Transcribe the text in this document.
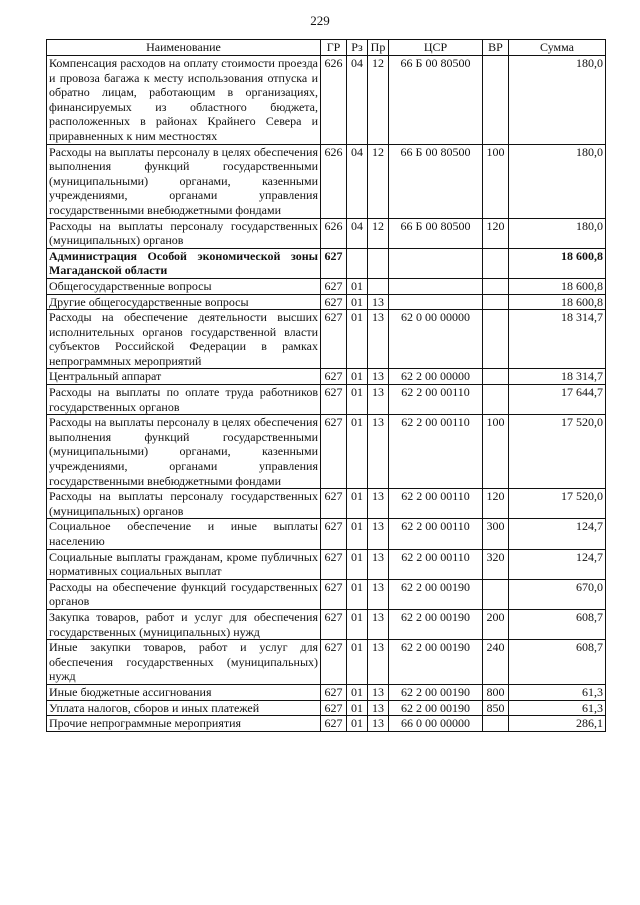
229
Наименование	ГР	Рз	Пр	ЦСР	ВР	Сумма
Компенсация расходов на оплату стоимости проезда и провоза багажа к месту использования отпуска и обратно лицам, работающим в организациях, финансируемых из областного бюджета, расположенных в районах Крайнего Севера и приравненных к ним местностях	626	04	12	66 Б 00 80500		180,0
Расходы на выплаты персоналу в целях обеспечения выполнения функций государственными (муниципальными) органами, казенными учреждениями, органами управления государственными внебюджетными фондами	626	04	12	66 Б 00 80500	100	180,0
Расходы на выплаты персоналу государственных (муниципальных) органов	626	04	12	66 Б 00 80500	120	180,0
Администрация Особой экономической зоны Магаданской области	627					18 600,8
Общегосударственные вопросы	627	01				18 600,8
Другие общегосударственные вопросы	627	01	13			18 600,8
Расходы на обеспечение деятельности высших исполнительных органов государственной власти субъектов Российской Федерации в рамках непрограммных мероприятий	627	01	13	62 0 00 00000		18 314,7
Центральный аппарат	627	01	13	62 2 00 00000		18 314,7
Расходы на выплаты по оплате труда работников государственных органов	627	01	13	62 2 00 00110		17 644,7
Расходы на выплаты персоналу в целях обеспечения выполнения функций государственными (муниципальными) органами, казенными учреждениями, органами управления государственными внебюджетными фондами	627	01	13	62 2 00 00110	100	17 520,0
Расходы на выплаты персоналу государственных (муниципальных) органов	627	01	13	62 2 00 00110	120	17 520,0
Социальное обеспечение и иные выплаты населению	627	01	13	62 2 00 00110	300	124,7
Социальные выплаты гражданам, кроме публичных нормативных социальных выплат	627	01	13	62 2 00 00110	320	124,7
Расходы на обеспечение функций государственных органов	627	01	13	62 2 00 00190		670,0
Закупка товаров, работ и услуг для обеспечения государственных (муниципальных) нужд	627	01	13	62 2 00 00190	200	608,7
Иные закупки товаров, работ и услуг для обеспечения государственных (муниципальных) нужд	627	01	13	62 2 00 00190	240	608,7
Иные бюджетные ассигнования	627	01	13	62 2 00 00190	800	61,3
Уплата налогов, сборов и иных платежей	627	01	13	62 2 00 00190	850	61,3
Прочие непрограммные мероприятия	627	01	13	66 0 00 00000		286,1
